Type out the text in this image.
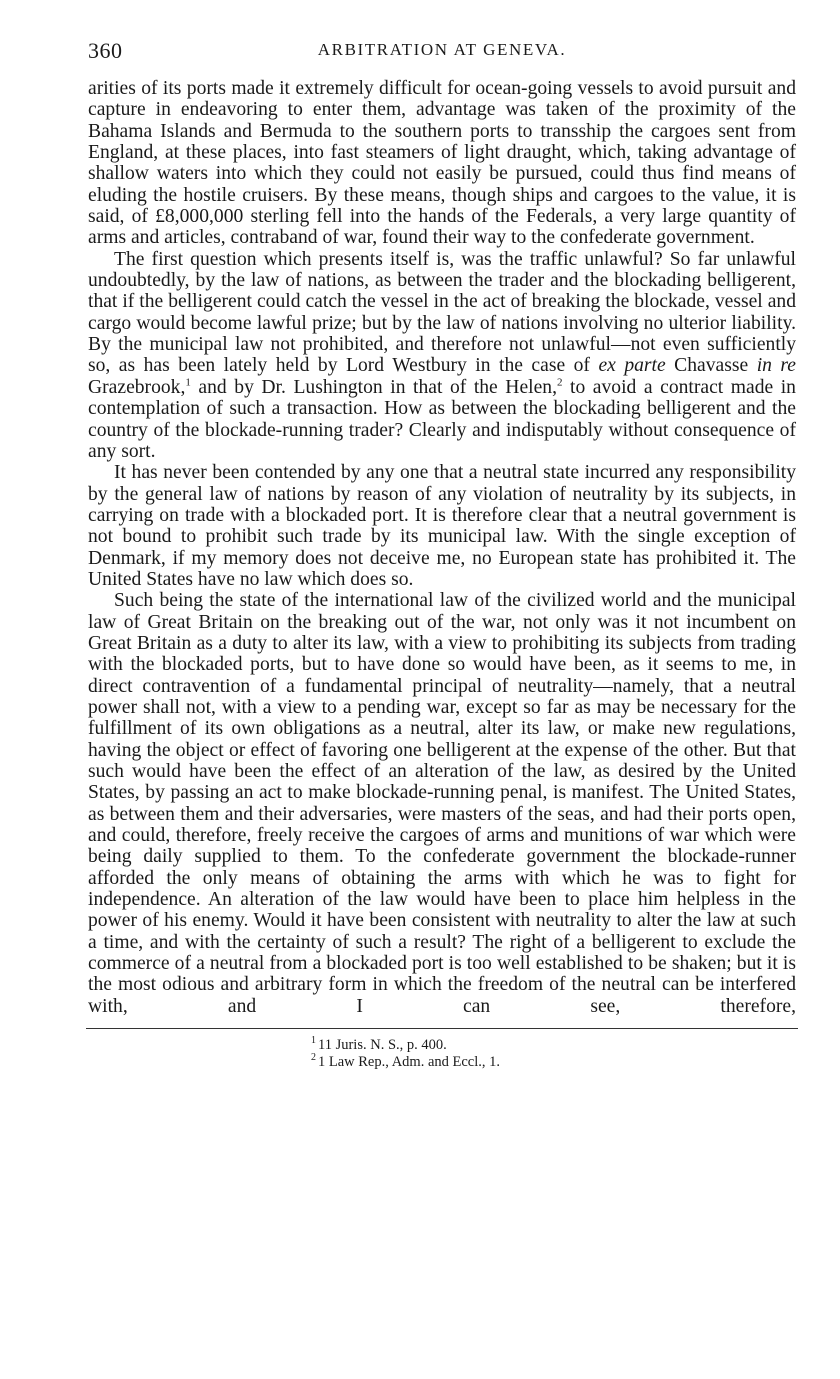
360	ARBITRATION AT GENEVA.

arities of its ports made it extremely difficult for ocean-going vessels to avoid pursuit and capture in endeavoring to enter them, advantage was taken of the proximity of the Bahama Islands and Bermuda to the southern ports to transship the cargoes sent from England, at these places, into fast steamers of light draught, which, taking advantage of shallow waters into which they could not easily be pursued, could thus find means of eluding the hostile cruisers. By these means, though ships and cargoes to the value, it is said, of £8,000,000 sterling fell into the hands of the Federals, a very large quantity of arms and articles, contraband of war, found their way to the confederate government.

The first question which presents itself is, was the traffic unlawful? So far unlawful undoubtedly, by the law of nations, as between the trader and the blockading belligerent, that if the belligerent could catch the vessel in the act of breaking the blockade, vessel and cargo would become lawful prize; but by the law of nations involving no ulterior liability. By the municipal law not prohibited, and therefore not unlawful—not even sufficiently so, as has been lately held by Lord Westbury in the case of ex parte Chavasse in re Grazebrook,$^1$ and by Dr. Lushington in that of the Helen,$^2$ to avoid a contract made in contemplation of such a transaction. How as between the blockading belligerent and the country of the blockade-running trader? Clearly and indisputably without consequence of any sort.

It has never been contended by any one that a neutral state incurred any responsibility by the general law of nations by reason of any violation of neutrality by its subjects, in carrying on trade with a blockaded port. It is therefore clear that a neutral government is not bound to prohibit such trade by its municipal law. With the single exception of Denmark, if my memory does not deceive me, no European state has prohibited it. The United States have no law which does so.

Such being the state of the international law of the civilized world and the municipal law of Great Britain on the breaking out of the war, not only was it not incumbent on Great Britain as a duty to alter its law, with a view to prohibiting its subjects from trading with the blockaded ports, but to have done so would have been, as it seems to me, in direct contravention of a fundamental principal of neutrality—namely, that a neutral power shall not, with a view to a pending war, except so far as may be necessary for the fulfillment of its own obligations as a neutral, alter its law, or make new regulations, having the object or effect of favoring one belligerent at the expense of the other. But that such would have been the effect of an alteration of the law, as desired by the United States, by passing an act to make blockade-running penal, is manifest. The United States, as between them and their adversaries, were masters of the seas, and had their ports open, and could, therefore, freely receive the cargoes of arms and munitions of war which were being daily supplied to them. To the confederate government the blockade-runner afforded the only means of obtaining the arms with which he was to fight for independence. An alteration of the law would have been to place him helpless in the power of his enemy. Would it have been consistent with neutrality to alter the law at such a time, and with the certainty of such a result? The right of a belligerent to exclude the commerce of a neutral from a blockaded port is too well established to be shaken; but it is the most odious and arbitrary form in which the freedom of the neutral can be interfered with, and I can see, therefore,

$^1$ 11 Juris. N. S., p. 400.
$^2$ 1 Law Rep., Adm. and Eccl., 1.
